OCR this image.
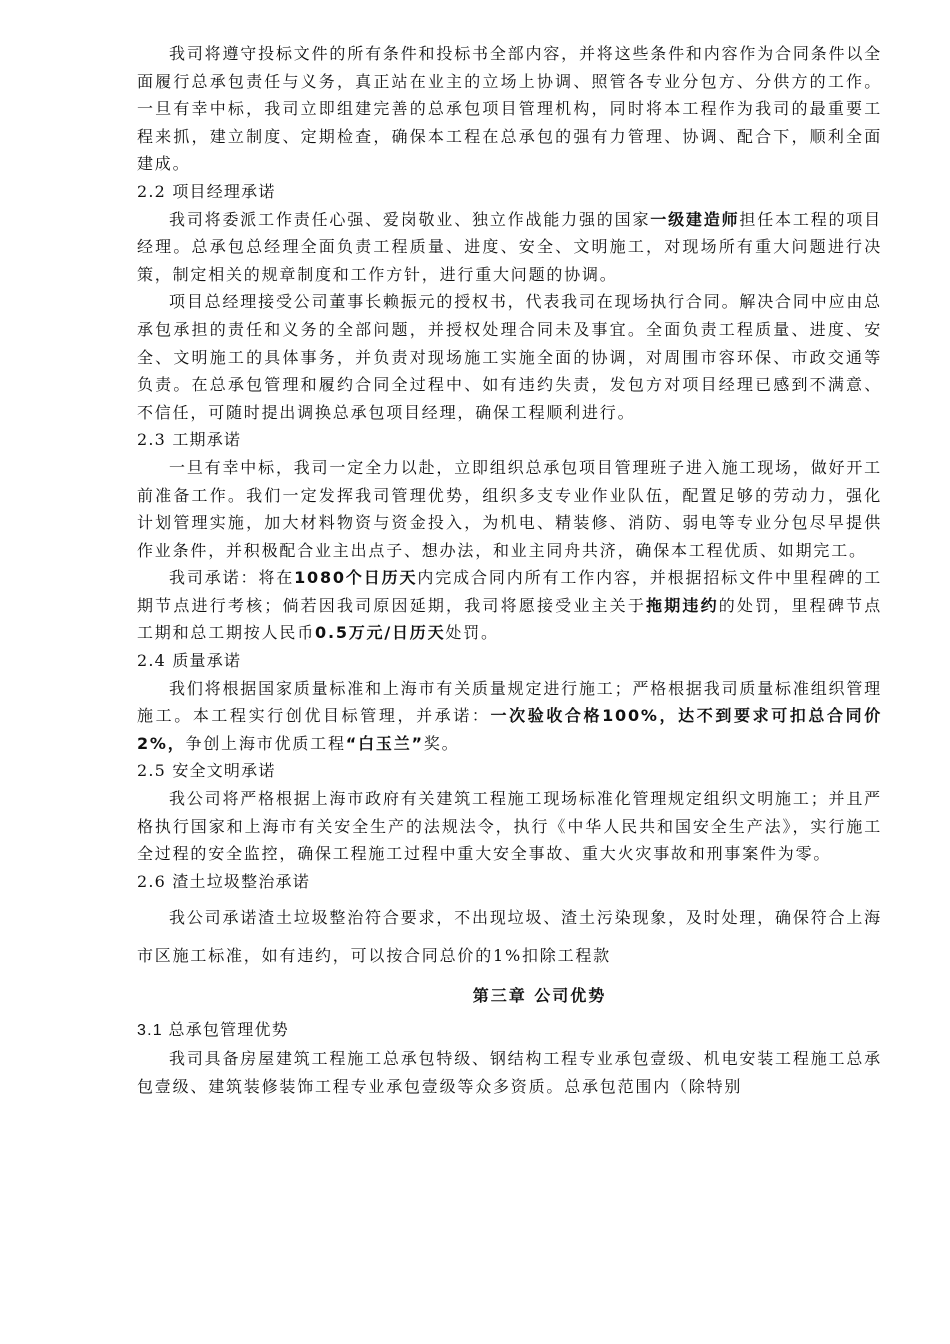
我司将遵守投标文件的所有条件和投标书全部内容，并将这些条件和内容作为合同条件以全面履行总承包责任与义务，真正站在业主的立场上协调、照管各专业分包方、分供方的工作。一旦有幸中标，我司立即组建完善的总承包项目管理机构，同时将本工程作为我司的最重要工程来抓，建立制度、定期检查，确保本工程在总承包的强有力管理、协调、配合下，顺利全面建成。

2.2 项目经理承诺

我司将委派工作责任心强、爱岗敬业、独立作战能力强的国家一级建造师担任本工程的项目经理。总承包总经理全面负责工程质量、进度、安全、文明施工，对现场所有重大问题进行决策，制定相关的规章制度和工作方针，进行重大问题的协调。

项目总经理接受公司董事长赖振元的授权书，代表我司在现场执行合同。解决合同中应由总承包承担的责任和义务的全部问题，并授权处理合同未及事宜。全面负责工程质量、进度、安全、文明施工的具体事务，并负责对现场施工实施全面的协调，对周围市容环保、市政交通等负责。在总承包管理和履约合同全过程中、如有违约失责，发包方对项目经理已感到不满意、不信任，可随时提出调换总承包项目经理，确保工程顺利进行。

2.3 工期承诺

一旦有幸中标，我司一定全力以赴，立即组织总承包项目管理班子进入施工现场，做好开工前准备工作。我们一定发挥我司管理优势，组织多支专业作业队伍，配置足够的劳动力，强化计划管理实施，加大材料物资与资金投入，为机电、精装修、消防、弱电等专业分包尽早提供作业条件，并积极配合业主出点子、想办法，和业主同舟共济，确保本工程优质、如期完工。

我司承诺：将在1080个日历天内完成合同内所有工作内容，并根据招标文件中里程碑的工期节点进行考核；倘若因我司原因延期，我司将愿接受业主关于拖期违约的处罚，里程碑节点工期和总工期按人民币0.5万元/日历天处罚。

2.4 质量承诺

我们将根据国家质量标准和上海市有关质量规定进行施工；严格根据我司质量标准组织管理施工。本工程实行创优目标管理，并承诺：一次验收合格100%，达不到要求可扣总合同价2%，争创上海市优质工程“白玉兰”奖。

2.5 安全文明承诺

我公司将严格根据上海市政府有关建筑工程施工现场标准化管理规定组织文明施工；并且严格执行国家和上海市有关安全生产的法规法令，执行《中华人民共和国安全生产法》，实行施工全过程的安全监控，确保工程施工过程中重大安全事故、重大火灾事故和刑事案件为零。

2.6 渣土垃圾整治承诺

我公司承诺渣土垃圾整治符合要求，不出现垃圾、渣土污染现象，及时处理，确保符合上海市区施工标准，如有违约，可以按合同总价的1%扣除工程款

第三章 公司优势

3.1 总承包管理优势

我司具备房屋建筑工程施工总承包特级、钢结构工程专业承包壹级、机电安装工程施工总承包壹级、建筑装修装饰工程专业承包壹级等众多资质。总承包范围内（除特别
